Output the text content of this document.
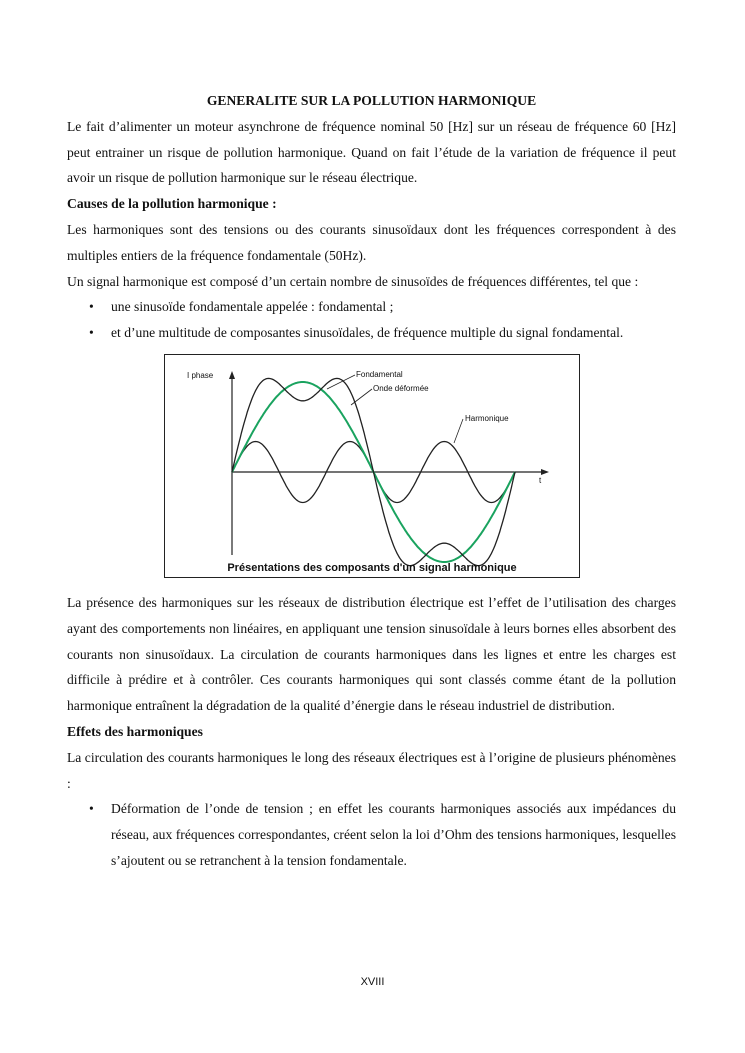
GENERALITE SUR LA POLLUTION HARMONIQUE

Le fait d’alimenter un moteur asynchrone de fréquence nominal 50 [Hz] sur un réseau de fréquence 60 [Hz] peut entrainer un risque de pollution harmonique. Quand on fait l’étude de la variation de fréquence il peut avoir un risque de pollution harmonique sur le réseau électrique.

Causes de la pollution harmonique :

Les harmoniques sont des tensions ou des courants sinusoïdaux dont les fréquences correspondent à des multiples entiers de la fréquence fondamentale (50Hz).

Un signal harmonique est composé d’un certain nombre de sinusoïdes de fréquences différentes, tel que :

• une sinusoïde fondamentale appelée : fondamental ;
• et d’une multitude de composantes sinusoïdales, de fréquence multiple du signal fondamental.
I phase
t
Fondamental
Onde déformée
Harmonique
Présentations des composants d'un signal harmonique

La présence des harmoniques sur les réseaux de distribution électrique est l’effet de l’utilisation des charges ayant des comportements non linéaires, en appliquant une tension sinusoïdale à leurs bornes elles absorbent des courants non sinusoïdaux. La circulation de courants harmoniques dans les lignes et entre les charges est difficile à prédire et à contrôler. Ces courants harmoniques qui sont classés comme étant de la pollution harmonique entraînent la dégradation de la qualité d’énergie dans le réseau industriel de distribution.

Effets des harmoniques

La circulation des courants harmoniques le long des réseaux électriques est à l’origine de plusieurs phénomènes :

• Déformation de l’onde de tension ; en effet les courants harmoniques associés aux impédances du réseau, aux fréquences correspondantes, créent selon la loi d’Ohm des tensions harmoniques, lesquelles s’ajoutent ou se retranchent à la tension fondamentale.
XVIII
